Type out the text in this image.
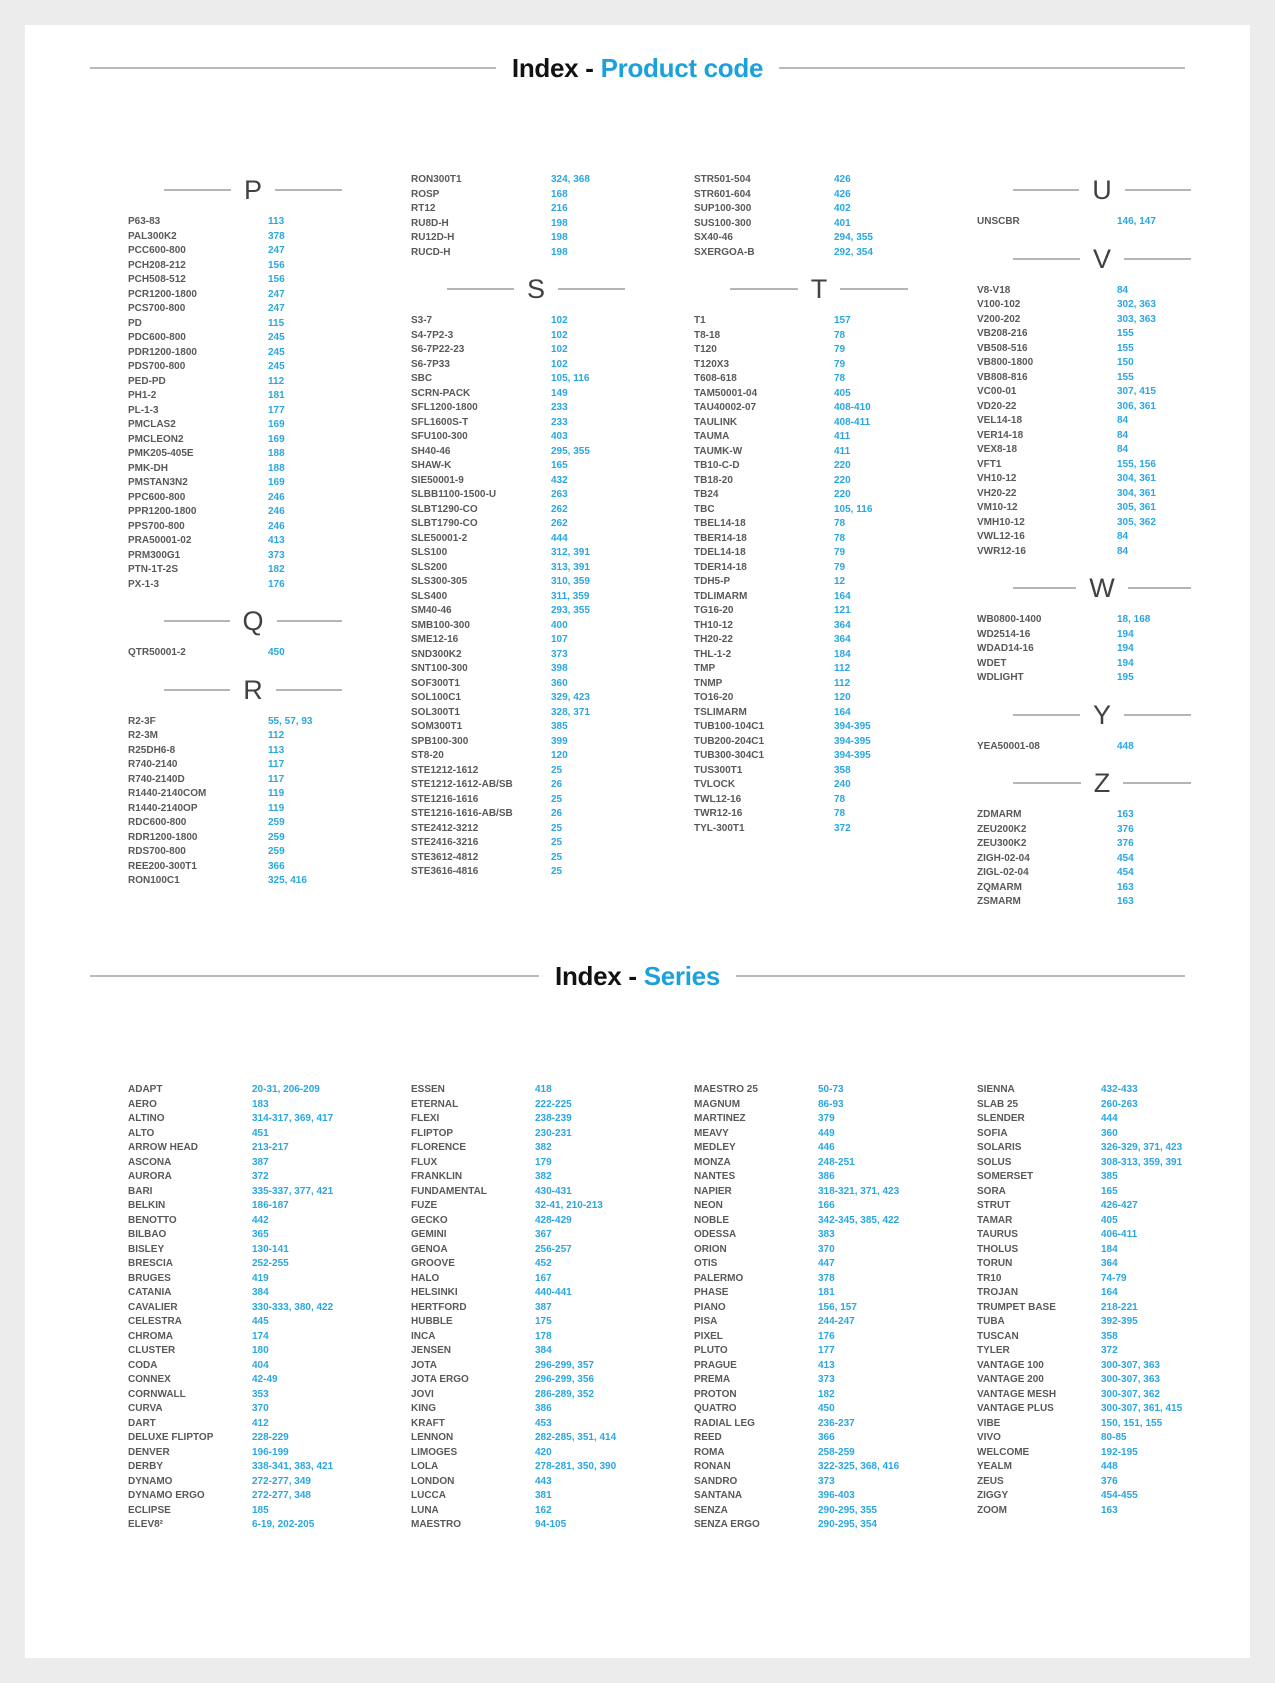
Index - Product code
P
P63-83	113
PAL300K2	378
PCC600-800	247
PCH208-212	156
PCH508-512	156
PCR1200-1800	247
PCS700-800	247
PD	115
PDC600-800	245
PDR1200-1800	245
PDS700-800	245
PED-PD	112
PH1-2	181
PL-1-3	177
PMCLAS2	169
PMCLEON2	169
PMK205-405E	188
PMK-DH	188
PMSTAN3N2	169
PPC600-800	246
PPR1200-1800	246
PPS700-800	246
PRA50001-02	413
PRM300G1	373
PTN-1T-2S	182
PX-1-3	176
Q
QTR50001-2	450
R
R2-3F	55, 57, 93
R2-3M	112
R25DH6-8	113
R740-2140	117
R740-2140D	117
R1440-2140COM	119
R1440-2140OP	119
RDC600-800	259
RDR1200-1800	259
RDS700-800	259
REE200-300T1	366
RON100C1	325, 416
RON300T1	324, 368
ROSP	168
RT12	216
RU8D-H	198
RU12D-H	198
RUCD-H	198
S
S3-7	102
S4-7P2-3	102
S6-7P22-23	102
S6-7P33	102
SBC	105, 116
SCRN-PACK	149
SFL1200-1800	233
SFL1600S-T	233
SFU100-300	403
SH40-46	295, 355
SHAW-K	165
SIE50001-9	432
SLBB1100-1500-U	263
SLBT1290-CO	262
SLBT1790-CO	262
SLE50001-2	444
SLS100	312, 391
SLS200	313, 391
SLS300-305	310, 359
SLS400	311, 359
SM40-46	293, 355
SMB100-300	400
SME12-16	107
SND300K2	373
SNT100-300	398
SOF300T1	360
SOL100C1	329, 423
SOL300T1	328, 371
SOM300T1	385
SPB100-300	399
ST8-20	120
STE1212-1612	25
STE1212-1612-AB/SB	26
STE1216-1616	25
STE1216-1616-AB/SB	26
STE2412-3212	25
STE2416-3216	25
STE3612-4812	25
STE3616-4816	25
STR501-504	426
STR601-604	426
SUP100-300	402
SUS100-300	401
SX40-46	294, 355
SXERGOA-B	292, 354
T
T1	157
T8-18	78
T120	79
T120X3	79
T608-618	78
TAM50001-04	405
TAU40002-07	408-410
TAULINK	408-411
TAUMA	411
TAUMK-W	411
TB10-C-D	220
TB18-20	220
TB24	220
TBC	105, 116
TBEL14-18	78
TBER14-18	78
TDEL14-18	79
TDER14-18	79
TDH5-P	12
TDLIMARM	164
TG16-20	121
TH10-12	364
TH20-22	364
THL-1-2	184
TMP	112
TNMP	112
TO16-20	120
TSLIMARM	164
TUB100-104C1	394-395
TUB200-204C1	394-395
TUB300-304C1	394-395
TUS300T1	358
TVLOCK	240
TWL12-16	78
TWR12-16	78
TYL-300T1	372
U
UNSCBR	146, 147
V
V8-V18	84
V100-102	302, 363
V200-202	303, 363
VB208-216	155
VB508-516	155
VB800-1800	150
VB808-816	155
VC00-01	307, 415
VD20-22	306, 361
VEL14-18	84
VER14-18	84
VEX8-18	84
VFT1	155, 156
VH10-12	304, 361
VH20-22	304, 361
VM10-12	305, 361
VMH10-12	305, 362
VWL12-16	84
VWR12-16	84
W
WB0800-1400	18, 168
WD2514-16	194
WDAD14-16	194
WDET	194
WDLIGHT	195
Y
YEA50001-08	448
Z
ZDMARM	163
ZEU200K2	376
ZEU300K2	376
ZIGH-02-04	454
ZIGL-02-04	454
ZQMARM	163
ZSMARM	163
Index - Series
ADAPT	20-31, 206-209
AERO	183
ALTINO	314-317, 369, 417
ALTO	451
ARROW HEAD	213-217
ASCONA	387
AURORA	372
BARI	335-337, 377, 421
BELKIN	186-187
BENOTTO	442
BILBAO	365
BISLEY	130-141
BRESCIA	252-255
BRUGES	419
CATANIA	384
CAVALIER	330-333, 380, 422
CELESTRA	445
CHROMA	174
CLUSTER	180
CODA	404
CONNEX	42-49
CORNWALL	353
CURVA	370
DART	412
DELUXE FLIPTOP	228-229
DENVER	196-199
DERBY	338-341, 383, 421
DYNAMO	272-277, 349
DYNAMO ERGO	272-277, 348
ECLIPSE	185
ELEV8²	6-19, 202-205
ESSEN	418
ETERNAL	222-225
FLEXI	238-239
FLIPTOP	230-231
FLORENCE	382
FLUX	179
FRANKLIN	382
FUNDAMENTAL	430-431
FUZE	32-41, 210-213
GECKO	428-429
GEMINI	367
GENOA	256-257
GROOVE	452
HALO	167
HELSINKI	440-441
HERTFORD	387
HUBBLE	175
INCA	178
JENSEN	384
JOTA	296-299, 357
JOTA ERGO	296-299, 356
JOVI	286-289, 352
KING	386
KRAFT	453
LENNON	282-285, 351, 414
LIMOGES	420
LOLA	278-281, 350, 390
LONDON	443
LUCCA	381
LUNA	162
MAESTRO	94-105
MAESTRO 25	50-73
MAGNUM	86-93
MARTINEZ	379
MEAVY	449
MEDLEY	446
MONZA	248-251
NANTES	386
NAPIER	318-321, 371, 423
NEON	166
NOBLE	342-345, 385, 422
ODESSA	383
ORION	370
OTIS	447
PALERMO	378
PHASE	181
PIANO	156, 157
PISA	244-247
PIXEL	176
PLUTO	177
PRAGUE	413
PREMA	373
PROTON	182
QUATRO	450
RADIAL LEG	236-237
REED	366
ROMA	258-259
RONAN	322-325, 368, 416
SANDRO	373
SANTANA	396-403
SENZA	290-295, 355
SENZA ERGO	290-295, 354
SIENNA	432-433
SLAB 25	260-263
SLENDER	444
SOFIA	360
SOLARIS	326-329, 371, 423
SOLUS	308-313, 359, 391
SOMERSET	385
SORA	165
STRUT	426-427
TAMAR	405
TAURUS	406-411
THOLUS	184
TORUN	364
TR10	74-79
TROJAN	164
TRUMPET BASE	218-221
TUBA	392-395
TUSCAN	358
TYLER	372
VANTAGE 100	300-307, 363
VANTAGE 200	300-307, 363
VANTAGE MESH	300-307, 362
VANTAGE PLUS	300-307, 361, 415
VIBE	150, 151, 155
VIVO	80-85
WELCOME	192-195
YEALM	448
ZEUS	376
ZIGGY	454-455
ZOOM	163
